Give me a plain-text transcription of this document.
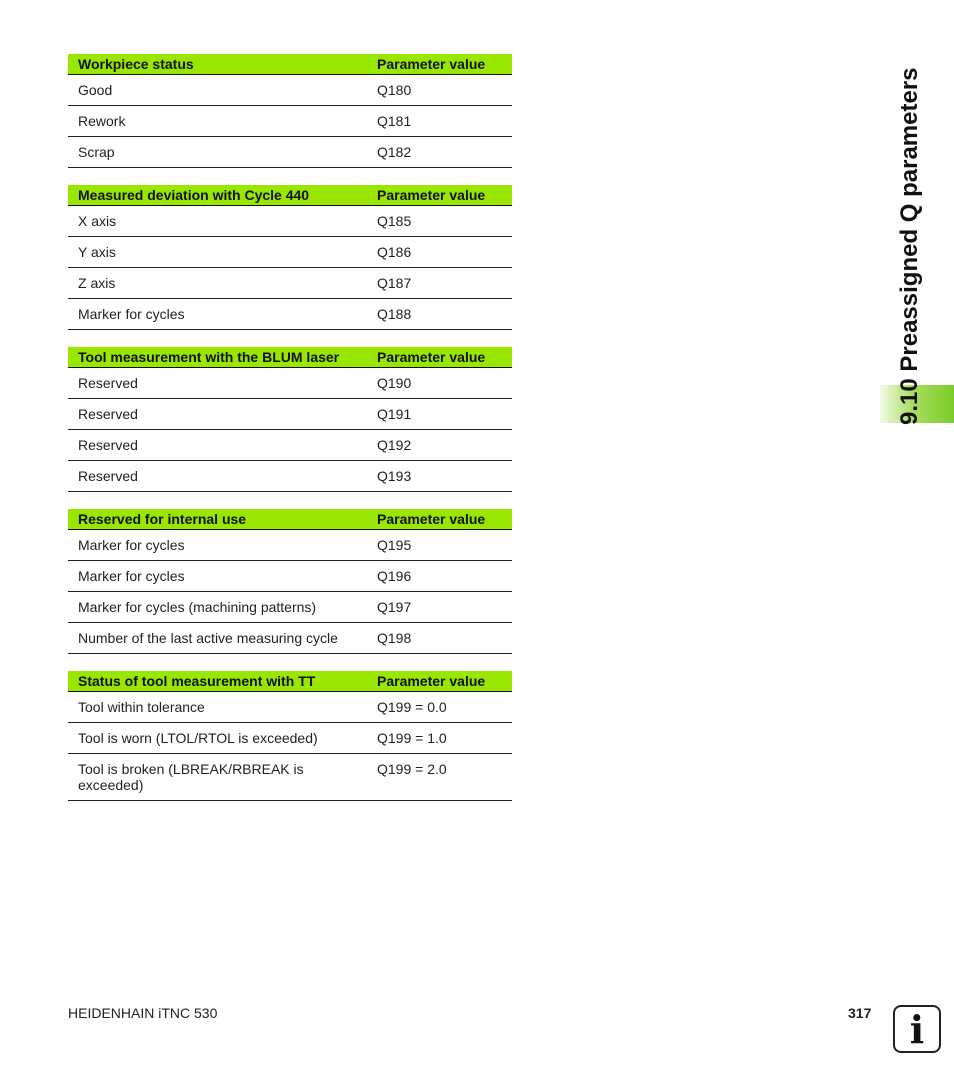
9.10 Preassigned Q parameters
Workpiece status	Parameter value
Good	Q180
Rework	Q181
Scrap	Q182
Measured deviation with Cycle 440	Parameter value
X axis	Q185
Y axis	Q186
Z axis	Q187
Marker for cycles	Q188
Tool measurement with the BLUM laser	Parameter value
Reserved	Q190
Reserved	Q191
Reserved	Q192
Reserved	Q193
Reserved for internal use	Parameter value
Marker for cycles	Q195
Marker for cycles	Q196
Marker for cycles (machining patterns)	Q197
Number of the last active measuring cycle	Q198
Status of tool measurement with TT	Parameter value
Tool within tolerance	Q199 = 0.0
Tool is worn (LTOL/RTOL is exceeded)	Q199 = 1.0
Tool is broken (LBREAK/RBREAK is exceeded)	Q199 = 2.0
HEIDENHAIN iTNC 530	317	i
